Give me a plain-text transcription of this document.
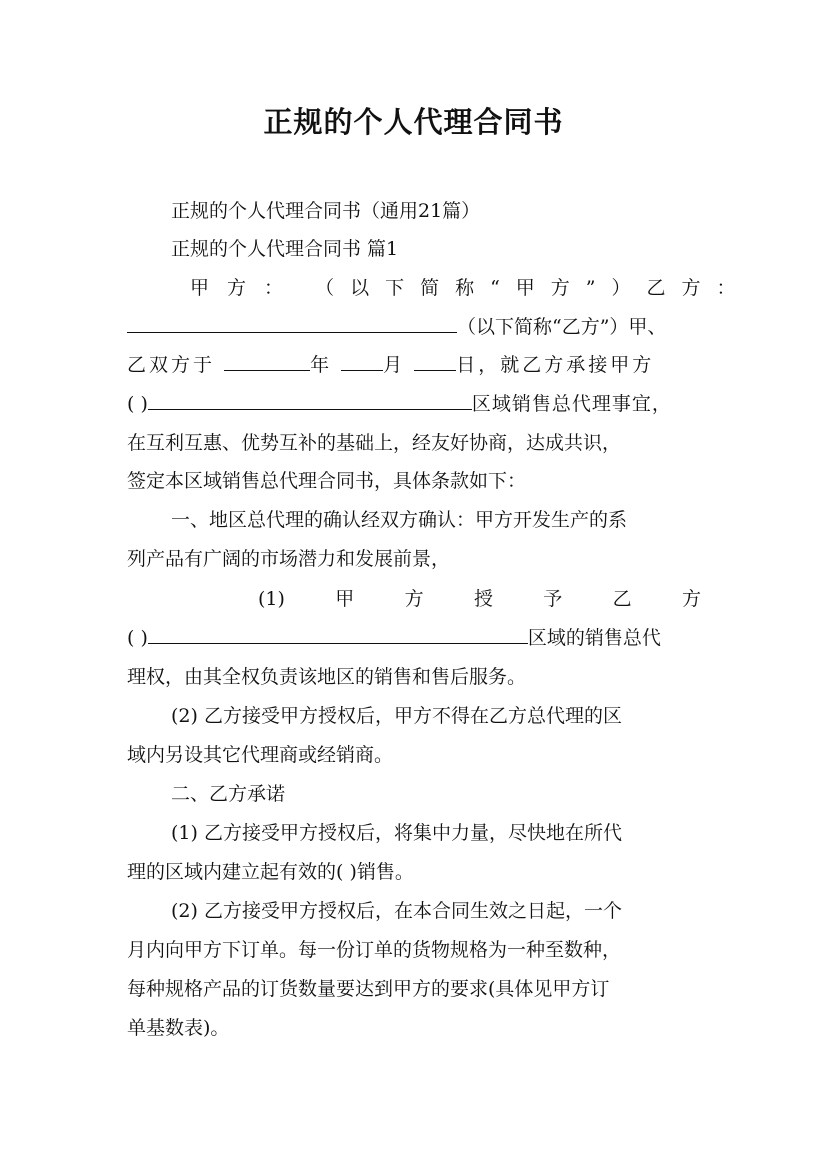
正规的个人代理合同书
正规的个人代理合同书（通用21篇）
正规的个人代理合同书 篇1
甲方： （以下简称“甲方”）乙方：
（以下简称“乙方”）甲、
乙双方于	年	月	日，就乙方承接甲方
( )	区域销售总代理事宜，
在互利互惠、优势互补的基础上，经友好协商，达成共识，
签定本区域销售总代理合同书，具体条款如下：
一、地区总代理的确认经双方确认：甲方开发生产的系
列产品有广阔的市场潜力和发展前景，
(1)	甲	方	授	予	乙	方
( )	区域的销售总代
理权，由其全权负责该地区的销售和售后服务。
(2) 乙方接受甲方授权后，甲方不得在乙方总代理的区
域内另设其它代理商或经销商。
二、乙方承诺
(1) 乙方接受甲方授权后，将集中力量，尽快地在所代
理的区域内建立起有效的( )销售。
(2) 乙方接受甲方授权后，在本合同生效之日起，一个
月内向甲方下订单。每一份订单的货物规格为一种至数种，
每种规格产品的订货数量要达到甲方的要求(具体见甲方订
单基数表)。
